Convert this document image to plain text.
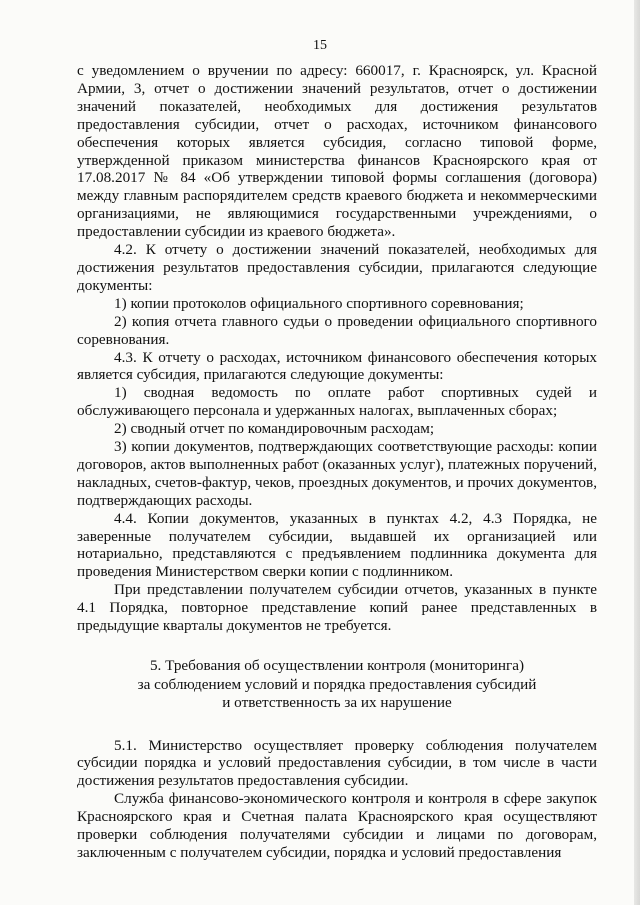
15

с уведомлением о вручении по адресу: 660017, г. Красноярск, ул. Красной Армии, 3, отчет о достижении значений результатов, отчет о достижении значений показателей, необходимых для достижения результатов предоставления субсидии, отчет о расходах, источником финансового обеспечения которых является субсидия, согласно типовой форме, утвержденной приказом министерства финансов Красноярского края от 17.08.2017 № 84 «Об утверждении типовой формы соглашения (договора) между главным распорядителем средств краевого бюджета и некоммерческими организациями, не являющимися государственными учреждениями, о предоставлении субсидии из краевого бюджета».

4.2. К отчету о достижении значений показателей, необходимых для достижения результатов предоставления субсидии, прилагаются следующие документы:

1) копии протоколов официального спортивного соревнования;

2) копия отчета главного судьи о проведении официального спортивного соревнования.

4.3. К отчету о расходах, источником финансового обеспечения которых является субсидия, прилагаются следующие документы:

1) сводная ведомость по оплате работ спортивных судей и обслуживающего персонала и удержанных налогах, выплаченных сборах;

2) сводный отчет по командировочным расходам;

3) копии документов, подтверждающих соответствующие расходы: копии договоров, актов выполненных работ (оказанных услуг), платежных поручений, накладных, счетов-фактур, чеков, проездных документов, и прочих документов, подтверждающих расходы.

4.4. Копии документов, указанных в пунктах 4.2, 4.3 Порядка, не заверенные получателем субсидии, выдавшей их организацией или нотариально, представляются с предъявлением подлинника документа для проведения Министерством сверки копии с подлинником.

При представлении получателем субсидии отчетов, указанных в пункте 4.1 Порядка, повторное представление копий ранее представленных в предыдущие кварталы документов не требуется.

5. Требования об осуществлении контроля (мониторинга)
за соблюдением условий и порядка предоставления субсидий
и ответственность за их нарушение

5.1. Министерство осуществляет проверку соблюдения получателем субсидии порядка и условий предоставления субсидии, в том числе в части достижения результатов предоставления субсидии.

Служба финансово-экономического контроля и контроля в сфере закупок Красноярского края и Счетная палата Красноярского края осуществляют проверки соблюдения получателями субсидии и лицами по договорам, заключенным с получателем субсидии, порядка и условий предоставления
